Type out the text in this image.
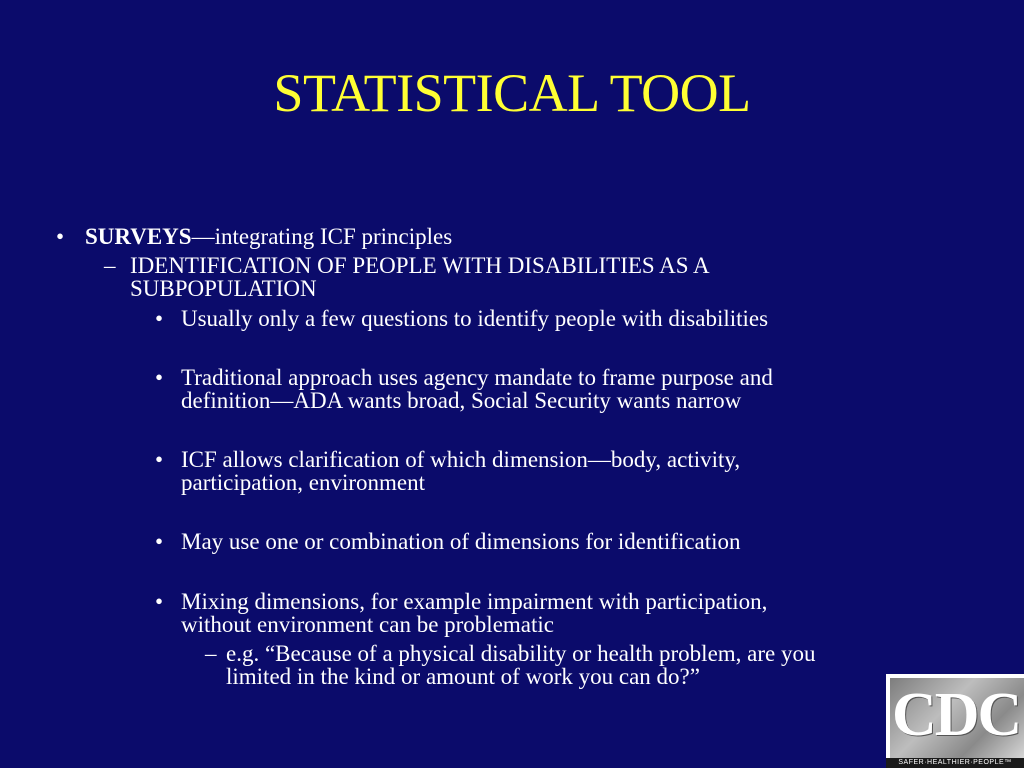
STATISTICAL TOOL
• SURVEYS—integrating ICF principles
– IDENTIFICATION OF PEOPLE WITH DISABILITIES AS A
SUBPOPULATION
• Usually only a few questions to identify people with disabilities
• Traditional approach uses agency mandate to frame purpose and
definition—ADA wants broad, Social Security wants narrow
• ICF allows clarification of which dimension—body, activity,
participation, environment
• May use one or combination of dimensions for identification
• Mixing dimensions, for example impairment with participation,
without environment can be problematic
– e.g. “Because of a physical disability or health problem, are you
limited in the kind or amount of work you can do?”
CDC
SAFER·HEALTHIER·PEOPLE™
